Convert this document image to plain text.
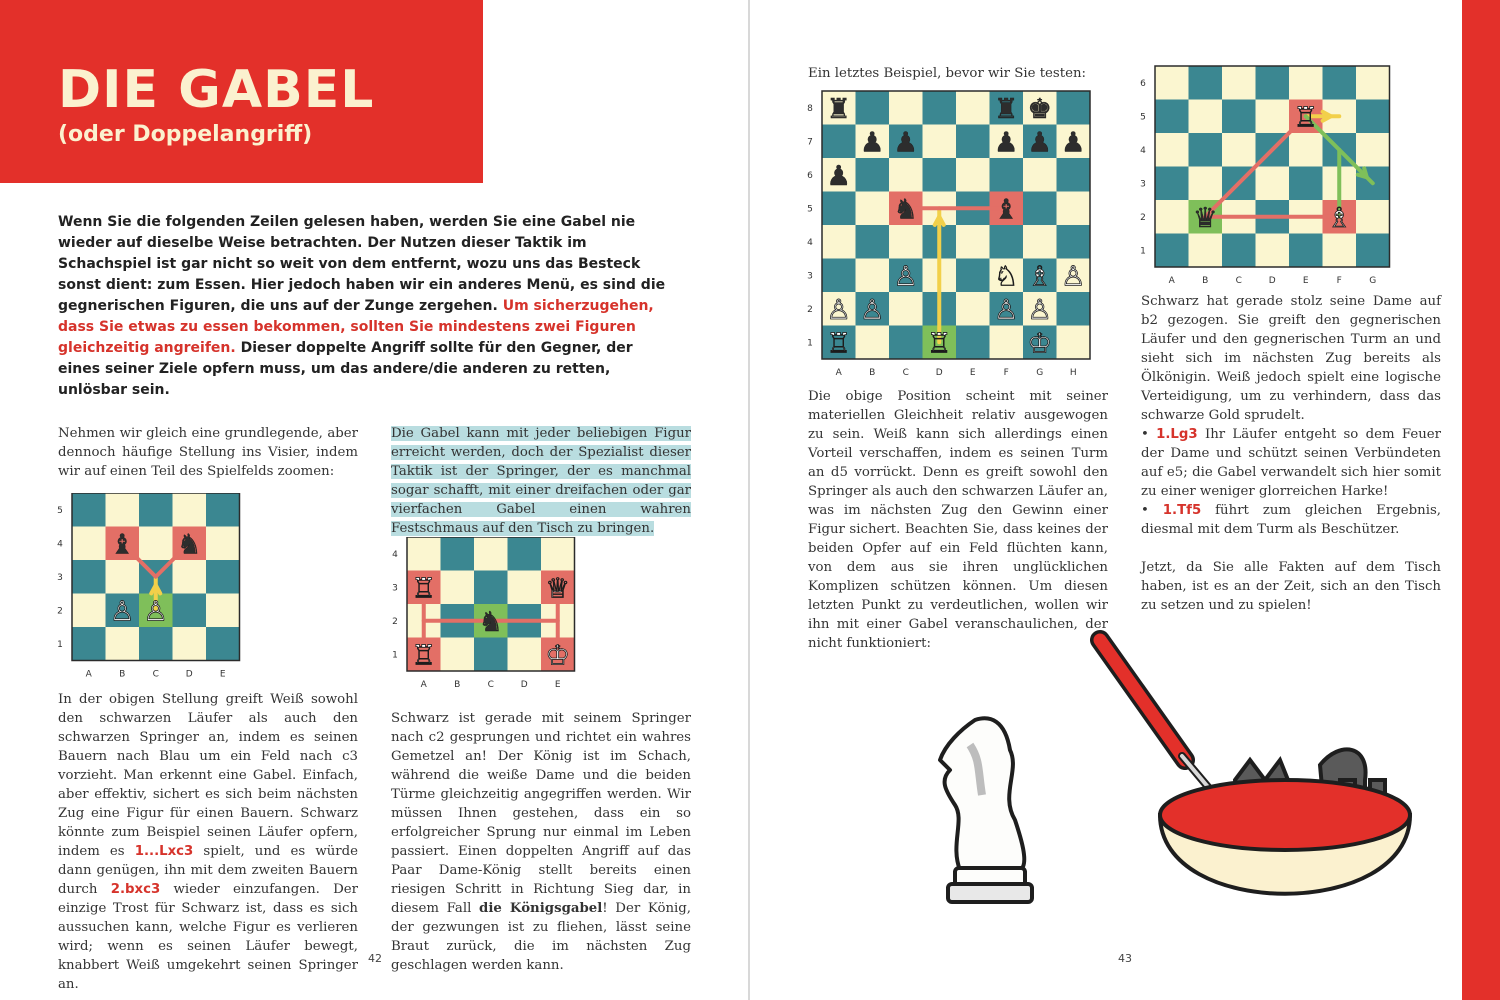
DIE GABEL
(oder Doppelangriff)
Wenn Sie die folgenden Zeilen gelesen haben, werden Sie eine Gabel nie wieder auf dieselbe Weise betrachten. Der Nutzen dieser Taktik im Schachspiel ist gar nicht so weit von dem entfernt, wozu uns das Besteck sonst dient: zum Essen. Hier jedoch haben wir ein anderes Menü, es sind die gegnerischen Figuren, die uns auf der Zunge zergehen. Um sicherzugehen, dass Sie etwas zu essen bekommen, sollten Sie mindestens zwei Figuren gleichzeitig angreifen. Dieser doppelte Angriff sollte für den Gegner, der eines seiner Ziele opfern muss, um das andere/die anderen zu retten, unlösbar sein.

Nehmen wir gleich eine grundlegende, aber dennoch häufige Stellung ins Visier, indem wir auf einen Teil des Spielfelds zoomen:

A	B	C	D	E
1
2
3
4
5
♝ ♞
♙ ♙

In der obigen Stellung greift Weiß sowohl den schwarzen Läufer als auch den schwarzen Springer an, indem es seinen Bauern nach Blau um ein Feld nach c3 vorzieht. Man erkennt eine Gabel. Einfach, aber effektiv, sichert es sich beim nächsten Zug eine Figur für einen Bauern. Schwarz könnte zum Beispiel seinen Läufer opfern, indem es 1...Lxc3 spielt, und es würde dann genügen, ihn mit dem zweiten Bauern durch 2.bxc3 wieder einzufangen. Der einzige Trost für Schwarz ist, dass es sich aussuchen kann, welche Figur es verlieren wird; wenn es seinen Läufer bewegt, knabbert Weiß umgekehrt seinen Springer an.

Die Gabel kann mit jeder beliebigen Figur erreicht werden, doch der Spezialist dieser Taktik ist der Springer, der es manchmal sogar schafft, mit einer dreifachen oder gar vierfachen Gabel einen wahren Festschmaus auf den Tisch zu bringen.

A	B	C	D	E
1
2
3
4
♖	♕
♞
♖	♔

Schwarz ist gerade mit seinem Springer nach c2 gesprungen und richtet ein wahres Gemetzel an! Der König ist im Schach, während die weiße Dame und die beiden Türme gleichzeitig angegriffen werden. Wir müssen Ihnen gestehen, dass ein so erfolgreicher Sprung nur einmal im Leben passiert. Einen doppelten Angriff auf das Paar Dame-König stellt bereits einen riesigen Schritt in Richtung Sieg dar, in diesem Fall die Königsgabel! Der König, der gezwungen ist zu fliehen, lässt seine Braut zurück, die im nächsten Zug geschlagen werden kann.

42

Ein letztes Beispiel, bevor wir Sie testen:

A	B	C	D	E	F	G	H
1
2
3
4
5
6
7
8 ♜	♜ ♚
♟ ♟	♟ ♟ ♟
♟
♞	♝
♙	♘ ♗ ♙
♙ ♙	♙ ♙
♖	♖	♔

Die obige Position scheint mit seiner materiellen Gleichheit relativ ausgewogen zu sein. Weiß kann sich allerdings einen Vorteil verschaffen, indem es seinen Turm an d5 vorrückt. Denn es greift sowohl den Springer als auch den schwarzen Läufer an, was im nächsten Zug den Gewinn einer Figur sichert. Beachten Sie, dass keines der beiden Opfer auf ein Feld flüchten kann, von dem aus sie ihren unglücklichen Komplizen schützen können. Um diesen letzten Punkt zu verdeutlichen, wollen wir ihn mit einer Gabel veranschaulichen, der nicht funktioniert:

A	B	C	D	E	F	G
1
2
3
4
5
6
♖
♗
♛

Schwarz hat gerade stolz seine Dame auf b2 gezogen. Sie greift den gegnerischen Läufer und den gegnerischen Turm an und sieht sich im nächsten Zug bereits als Ölkönigin. Weiß jedoch spielt eine logische Verteidigung, um zu verhindern, dass das schwarze Gold sprudelt.

• 1.Lg3 Ihr Läufer entgeht so dem Feuer der Dame und schützt seinen Verbündeten auf e5; die Gabel verwandelt sich hier somit zu einer weniger glorreichen Harke!

• 1.Tf5 führt zum gleichen Ergebnis, diesmal mit dem Turm als Beschützer.

Jetzt, da Sie alle Fakten auf dem Tisch haben, ist es an der Zeit, sich an den Tisch zu setzen und zu spielen!

43
